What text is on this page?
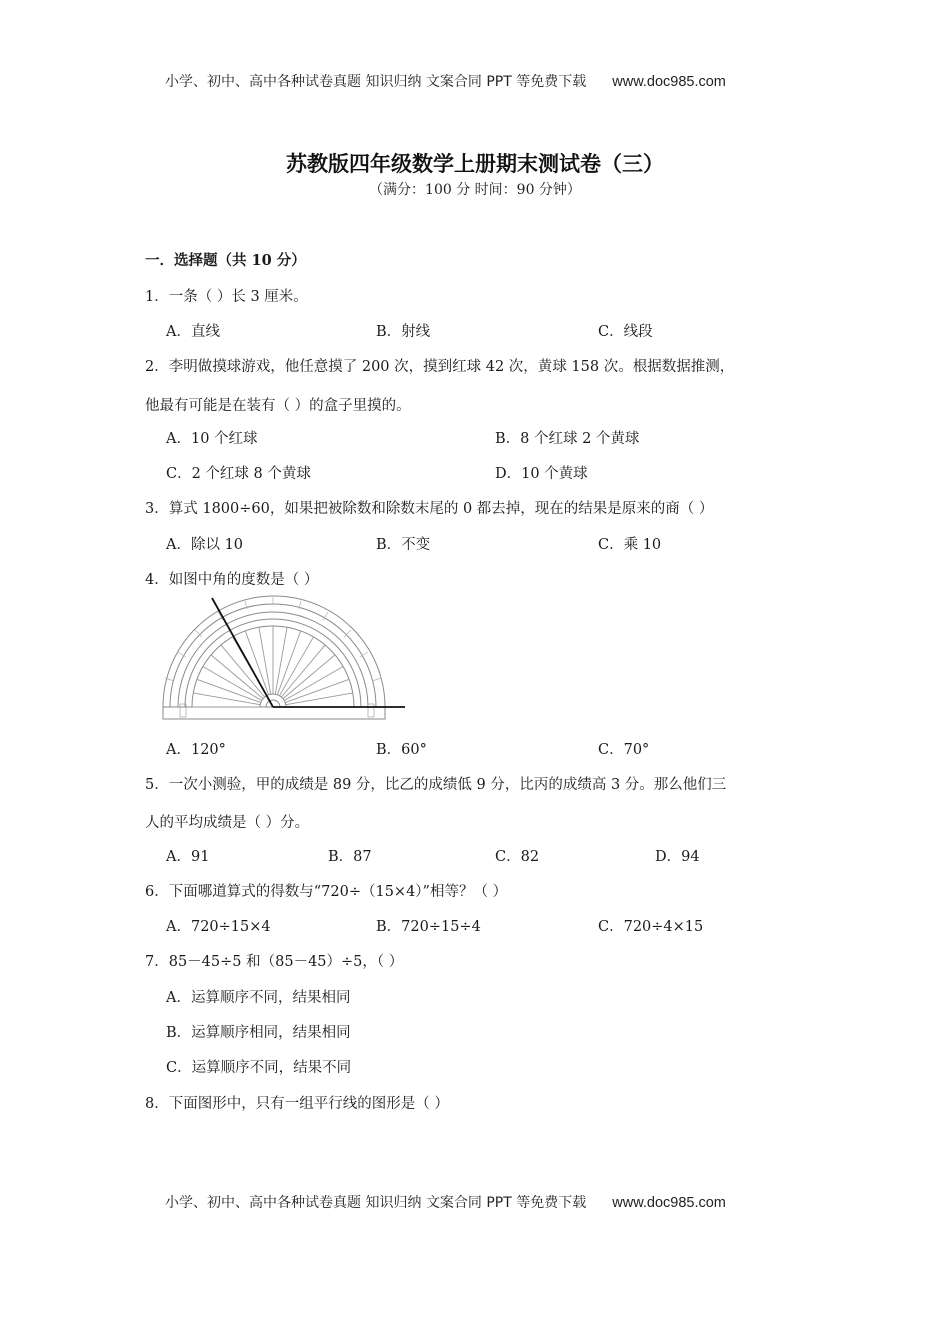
小学、初中、高中各种试卷真题 知识归纳 文案合同 PPT 等免费下载 www.doc985.com
苏教版四年级数学上册期末测试卷（三）
（满分：100 分 时间：90 分钟）
一．选择题（共 10 分）
1．一条（ ）长 3 厘米。
A．直线	B．射线	C．线段
2．李明做摸球游戏，他任意摸了 200 次，摸到红球 42 次，黄球 158 次。根据数据推测，
他最有可能是在装有（ ）的盒子里摸的。
A．10 个红球	B．8 个红球 2 个黄球
C．2 个红球 8 个黄球	D．10 个黄球
3．算式 1800÷60，如果把被除数和除数末尾的 0 都去掉，现在的结果是原来的商（ ）
A．除以 10	B．不变	C．乘 10
4．如图中角的度数是（ ）
A．120°	B．60°	C．70°
5．一次小测验，甲的成绩是 89 分，比乙的成绩低 9 分，比丙的成绩高 3 分。那么他们三
人的平均成绩是（ ）分。
A．91	B．87	C．82	D．94
6．下面哪道算式的得数与“720÷（15×4）”相等？（ ）
A．720÷15×4	B．720÷15÷4	C．720÷4×15
7．85－45÷5 和（85－45）÷5，（ ）
A．运算顺序不同，结果相同
B．运算顺序相同，结果相同
C．运算顺序不同，结果不同
8．下面图形中，只有一组平行线的图形是（ ）
小学、初中、高中各种试卷真题 知识归纳 文案合同 PPT 等免费下载 www.doc985.com
